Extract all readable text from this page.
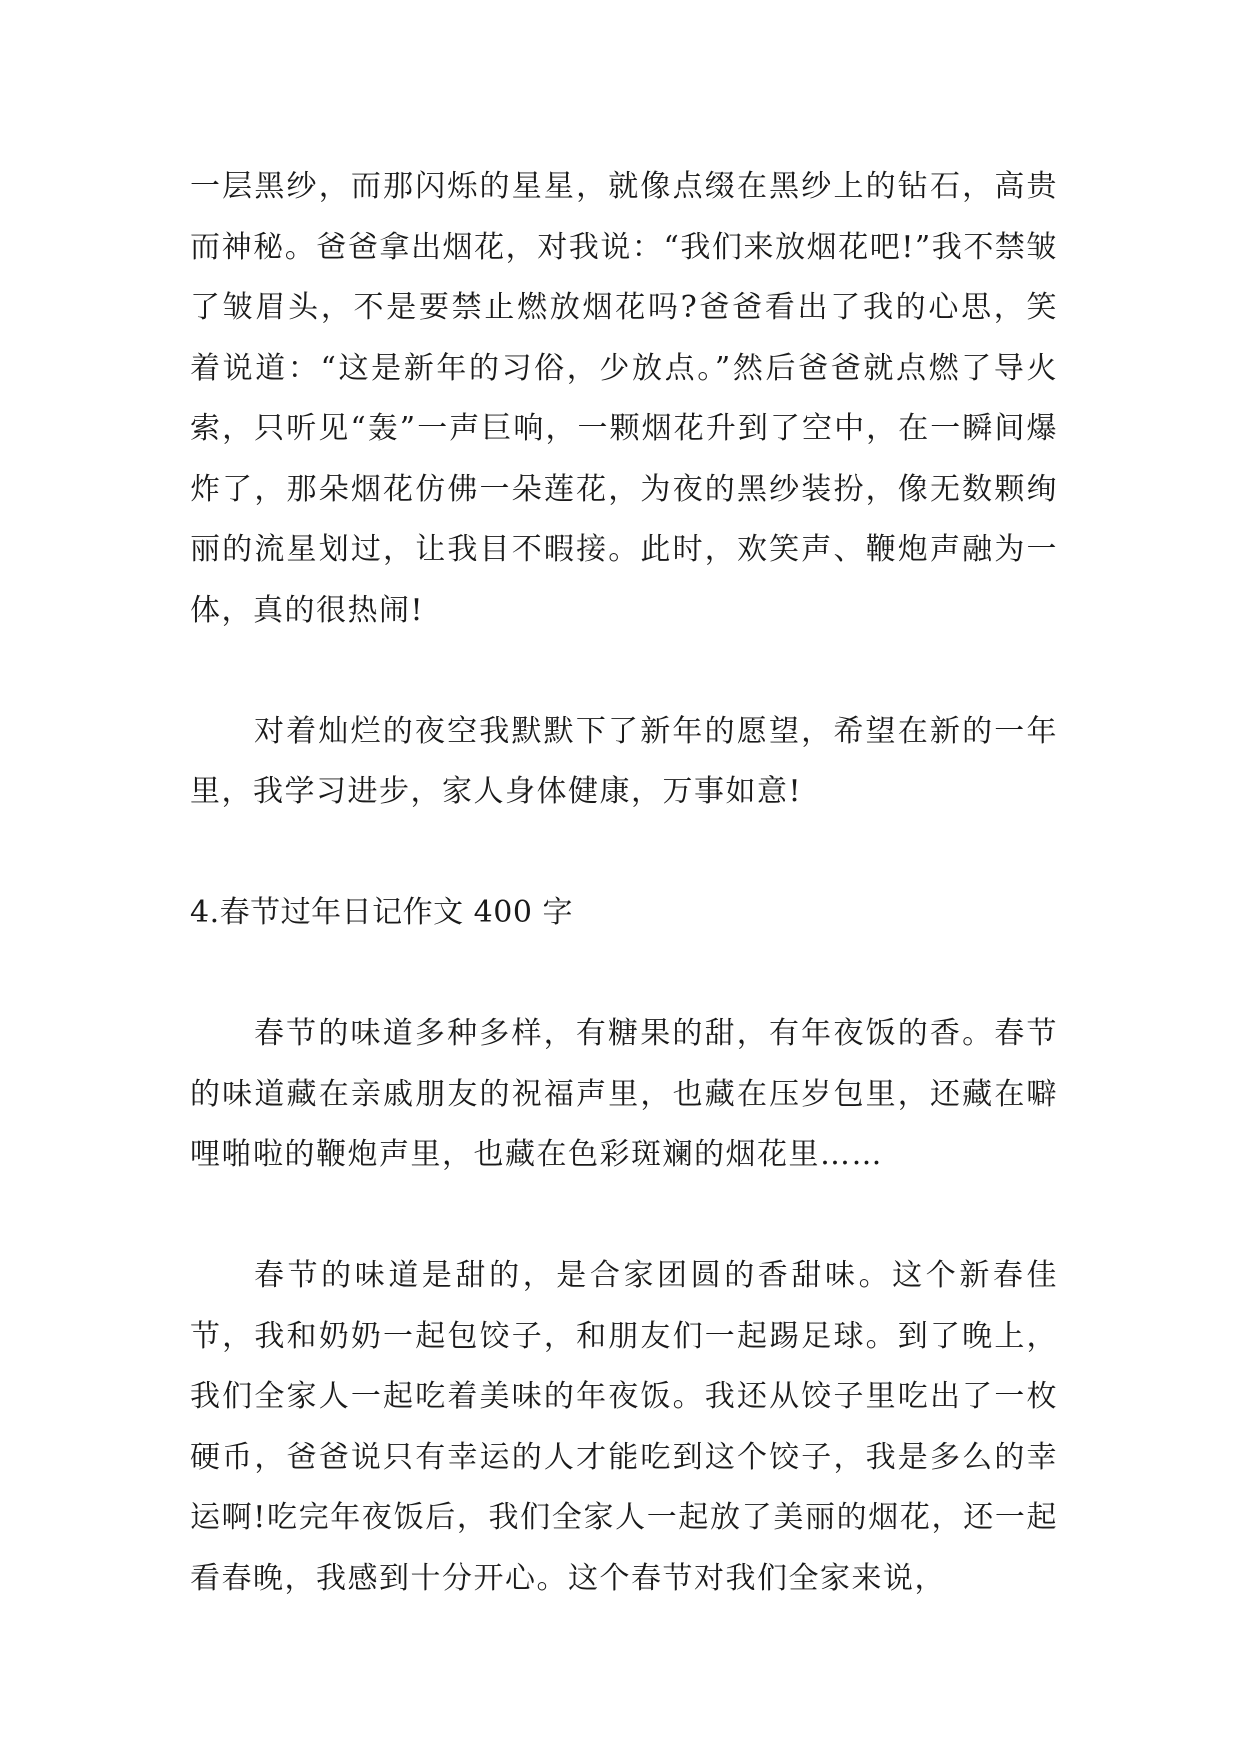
一层黑纱，而那闪烁的星星，就像点缀在黑纱上的钻石，高贵而神秘。爸爸拿出烟花，对我说：“我们来放烟花吧!”我不禁皱了皱眉头，不是要禁止燃放烟花吗?爸爸看出了我的心思，笑着说道：“这是新年的习俗，少放点。”然后爸爸就点燃了导火索，只听见“轰”一声巨响，一颗烟花升到了空中，在一瞬间爆炸了，那朵烟花仿佛一朵莲花，为夜的黑纱装扮，像无数颗绚丽的流星划过，让我目不暇接。此时，欢笑声、鞭炮声融为一体，真的很热闹!

对着灿烂的夜空我默默下了新年的愿望，希望在新的一年里，我学习进步，家人身体健康，万事如意!

4.春节过年日记作文 400 字

春节的味道多种多样，有糖果的甜，有年夜饭的香。春节的味道藏在亲戚朋友的祝福声里，也藏在压岁包里，还藏在噼哩啪啦的鞭炮声里，也藏在色彩斑斓的烟花里……

春节的味道是甜的，是合家团圆的香甜味。这个新春佳节，我和奶奶一起包饺子，和朋友们一起踢足球。到了晚上，我们全家人一起吃着美味的年夜饭。我还从饺子里吃出了一枚硬币，爸爸说只有幸运的人才能吃到这个饺子，我是多么的幸运啊!吃完年夜饭后，我们全家人一起放了美丽的烟花，还一起看春晚，我感到十分开心。这个春节对我们全家来说，
